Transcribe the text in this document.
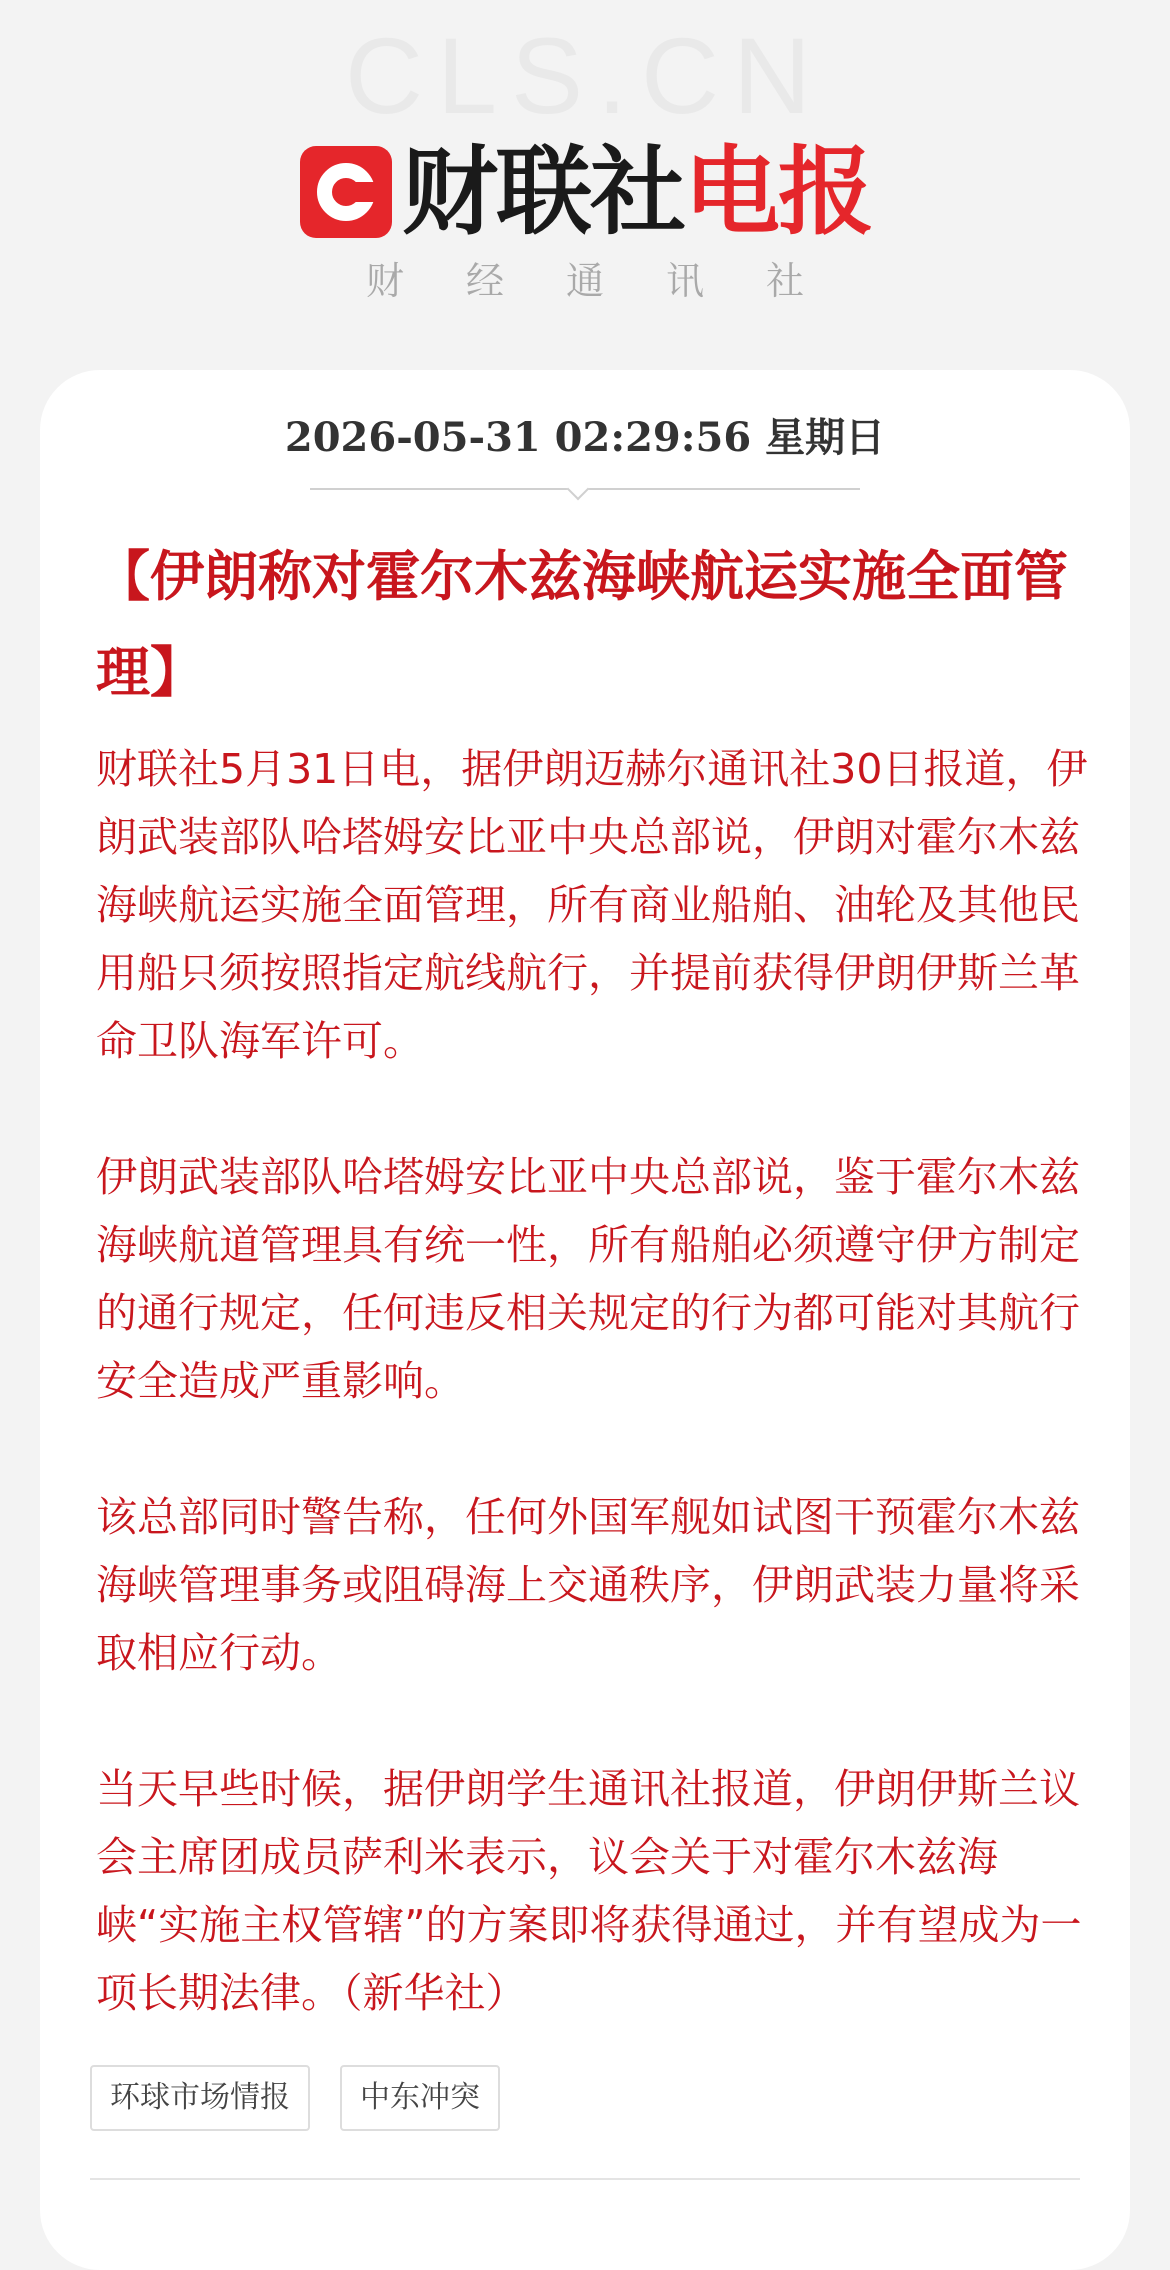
CLS.CN
财联社电报
财经通讯社
2026-05-31 02:29:56 星期日
【伊朗称对霍尔木兹海峡航运实施全面管理】

财联社5月31日电，据伊朗迈赫尔通讯社30日报道，伊朗武装部队哈塔姆安比亚中央总部说，伊朗对霍尔木兹海峡航运实施全面管理，所有商业船舶、油轮及其他民用船只须按照指定航线航行，并提前获得伊朗伊斯兰革命卫队海军许可。

伊朗武装部队哈塔姆安比亚中央总部说，鉴于霍尔木兹海峡航道管理具有统一性，所有船舶必须遵守伊方制定的通行规定，任何违反相关规定的行为都可能对其航行安全造成严重影响。

该总部同时警告称，任何外国军舰如试图干预霍尔木兹海峡管理事务或阻碍海上交通秩序，伊朗武装力量将采取相应行动。

当天早些时候，据伊朗学生通讯社报道，伊朗伊斯兰议会主席团成员萨利米表示，议会关于对霍尔木兹海峡“实施主权管辖”的方案即将获得通过，并有望成为一项长期法律。（新华社）

环球市场情报	中东冲突
